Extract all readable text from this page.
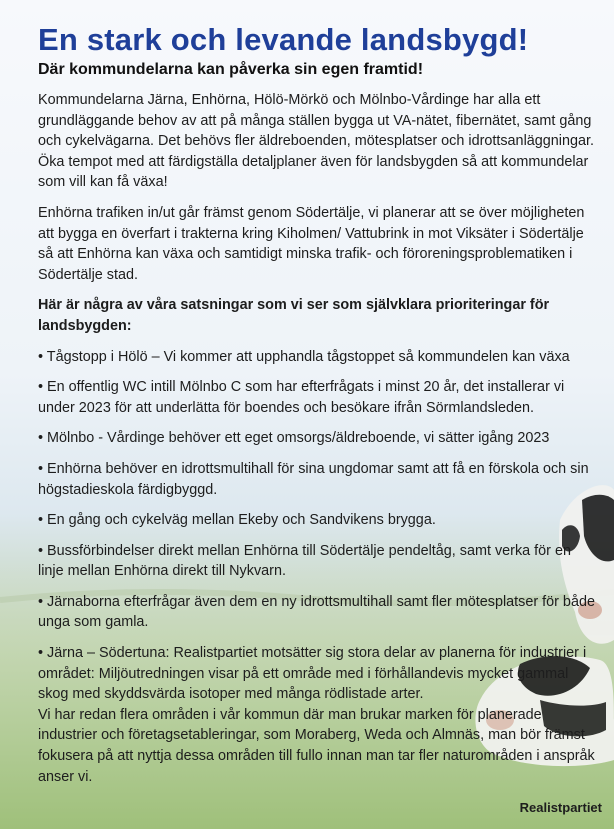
En stark och levande landsbygd!
Där kommundelarna kan påverka sin egen framtid!

Kommundelarna Järna, Enhörna, Hölö-Mörkö och Mölnbo-Vårdinge har alla ett grundläggande behov av att på många ställen bygga ut VA-nätet, fibernätet, samt gång och cykelvägarna. Det behövs fler äldreboenden, mötesplatser och idrottsanläggningar. Öka tempot med att färdigställa detaljplaner även för landsbygden så att kommundelar som vill kan få växa!

Enhörna trafiken in/ut går främst genom Södertälje, vi planerar att se över möjligheten att bygga en överfart i trakterna kring Kiholmen/ Vattubrink in mot Viksäter i Södertälje så att Enhörna kan växa och samtidigt minska trafik- och föroreningsproblematiken i Södertälje stad.

Här är några av våra satsningar som vi ser som självklara prioriteringar för landsbygden:

• Tågstopp i Hölö – Vi kommer att upphandla tågstoppet så kommundelen kan växa

• En offentlig WC intill Mölnbo C som har efterfrågats i minst 20 år, det installerar vi under 2023 för att underlätta för boendes och besökare ifrån Sörmlandsleden.

• Mölnbo - Vårdinge behöver ett eget omsorgs/äldreboende, vi sätter igång 2023

• Enhörna behöver en idrottsmultihall för sina ungdomar samt att få en förskola och sin högstadieskola färdigbyggd.

• En gång och cykelväg mellan Ekeby och Sandvikens brygga.

• Bussförbindelser direkt mellan Enhörna till Södertälje pendeltåg, samt verka för en linje mellan Enhörna direkt till Nykvarn.

• Järnaborna efterfrågar även dem en ny idrottsmultihall samt fler mötesplatser för både unga som gamla.

• Järna – Södertuna: Realistpartiet motsätter sig stora delar av planerna för industrier i området: Miljöutredningen visar på ett område med i förhållandevis mycket gammal skog med skyddsvärda isotoper med många rödlistade arter.

Vi har redan flera områden i vår kommun där man brukar marken för planerade industrier och företagsetableringar, som Moraberg, Weda och Almnäs, man bör främst fokusera på att nyttja dessa områden till fullo innan man tar fler naturområden i anspråk anser vi.

Realistpartiet
